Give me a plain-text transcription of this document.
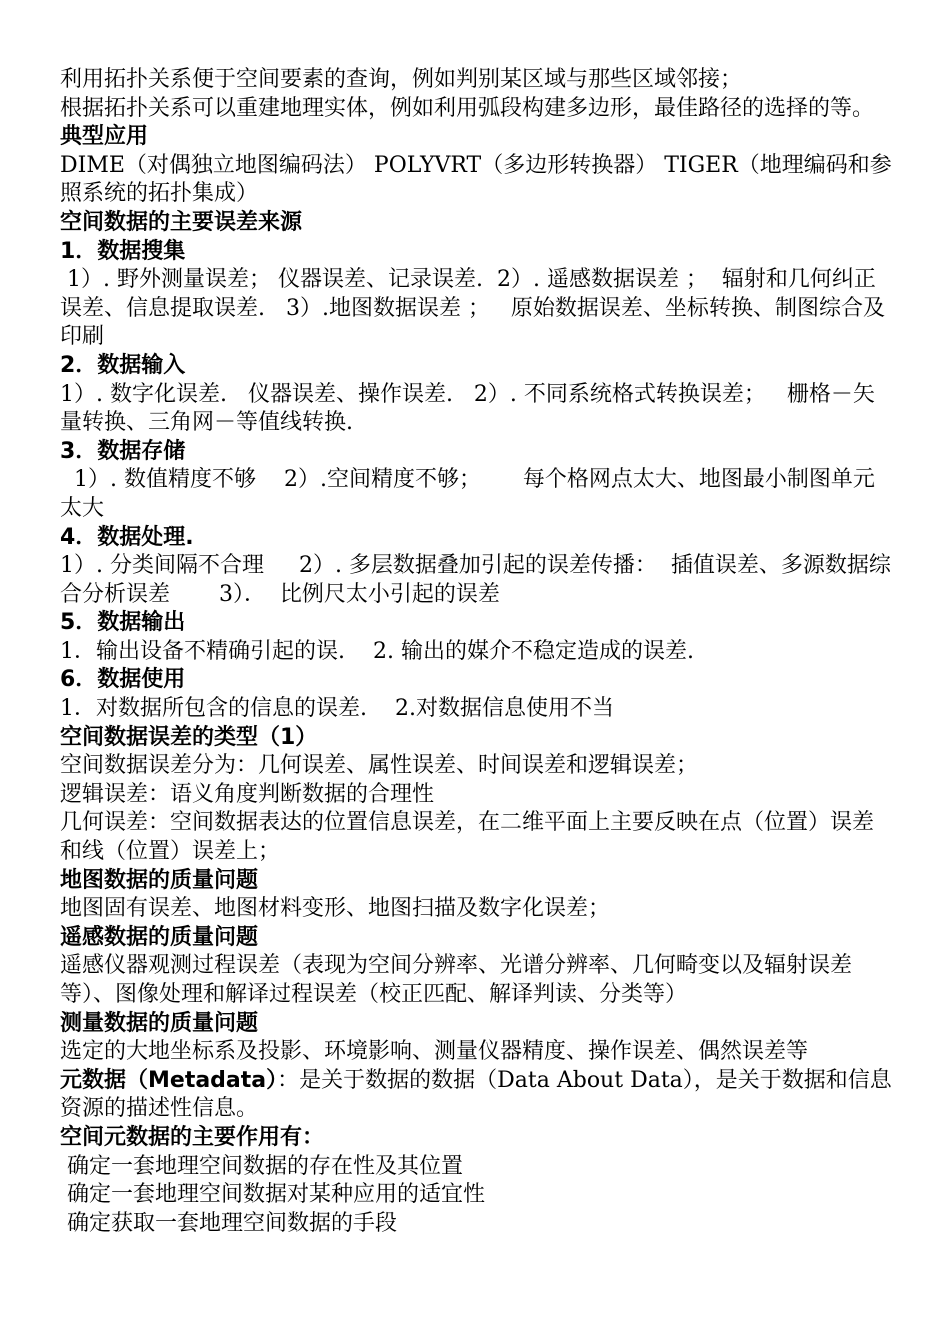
利用拓扑关系便于空间要素的查询，例如判别某区域与那些区域邻接；

根据拓扑关系可以重建地理实体，例如利用弧段构建多边形，最佳路径的选择的等。

典型应用

DIME（对偶独立地图编码法） POLYVRT（多边形转换器） TIGER（地理编码和参照系统的拓扑集成）

空间数据的主要误差来源

1．数据搜集

1）. 野外测量误差； 仪器误差、记录误差.  2）. 遥感数据误差 ；  辐射和几何纠正误差、信息提取误差.   3）.地图数据误差 ；   原始数据误差、坐标转换、制图综合及印刷

2．数据输入

1）. 数字化误差.   仪器误差、操作误差.   2）. 不同系统格式转换误差；   栅格－矢量转换、三角网－等值线转换.

3．数据存储

1）. 数值精度不够    2）.空间精度不够；      每个格网点太大、地图最小制图单元太大

4．数据处理.

1）. 分类间隔不合理     2）. 多层数据叠加引起的误差传播：  插值误差、多源数据综合分析误差       3）．  比例尺太小引起的误差

5．数据输出

1．输出设备不精确引起的误.    2. 输出的媒介不稳定造成的误差.

6．数据使用

1．对数据所包含的信息的误差.    2.对数据信息使用不当

空间数据误差的类型（1）

空间数据误差分为：几何误差、属性误差、时间误差和逻辑误差；

逻辑误差：语义角度判断数据的合理性

几何误差：空间数据表达的位置信息误差，在二维平面上主要反映在点（位置）误差和线（位置）误差上；

地图数据的质量问题

地图固有误差、地图材料变形、地图扫描及数字化误差；

遥感数据的质量问题

遥感仪器观测过程误差（表现为空间分辨率、光谱分辨率、几何畸变以及辐射误差等）、图像处理和解译过程误差（校正匹配、解译判读、分类等）

测量数据的质量问题

选定的大地坐标系及投影、环境影响、测量仪器精度、操作误差、偶然误差等

元数据（Metadata）：是关于数据的数据（Data About Data），是关于数据和信息资源的描述性信息。

空间元数据的主要作用有：

确定一套地理空间数据的存在性及其位置

确定一套地理空间数据对某种应用的适宜性

确定获取一套地理空间数据的手段
